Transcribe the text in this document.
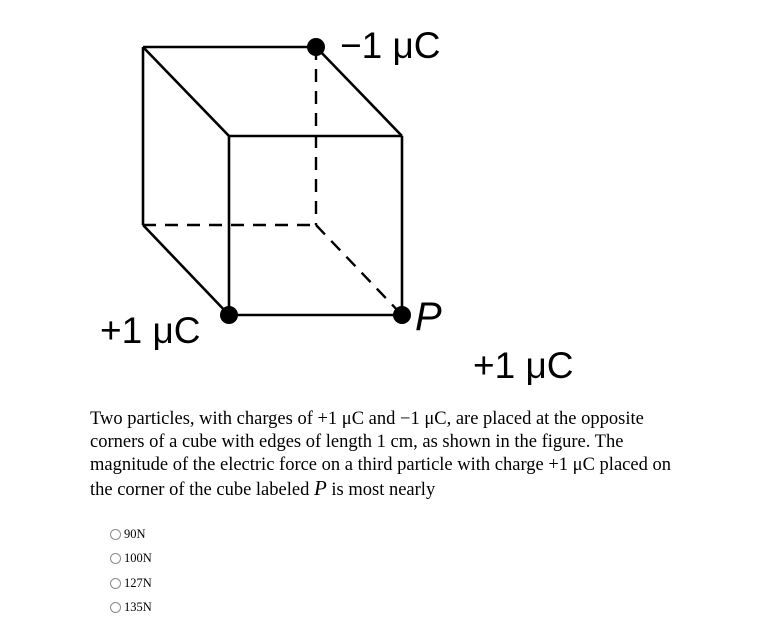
−1 μC
+1 μC
+1 μC
P

Two particles, with charges of +1 μC and −1 μC, are placed at the opposite corners of a cube with edges of length 1 cm, as shown in the figure. The magnitude of the electric force on a third particle with charge +1 μC placed on the corner of the cube labeled P is most nearly

90N
100N
127N
135N
